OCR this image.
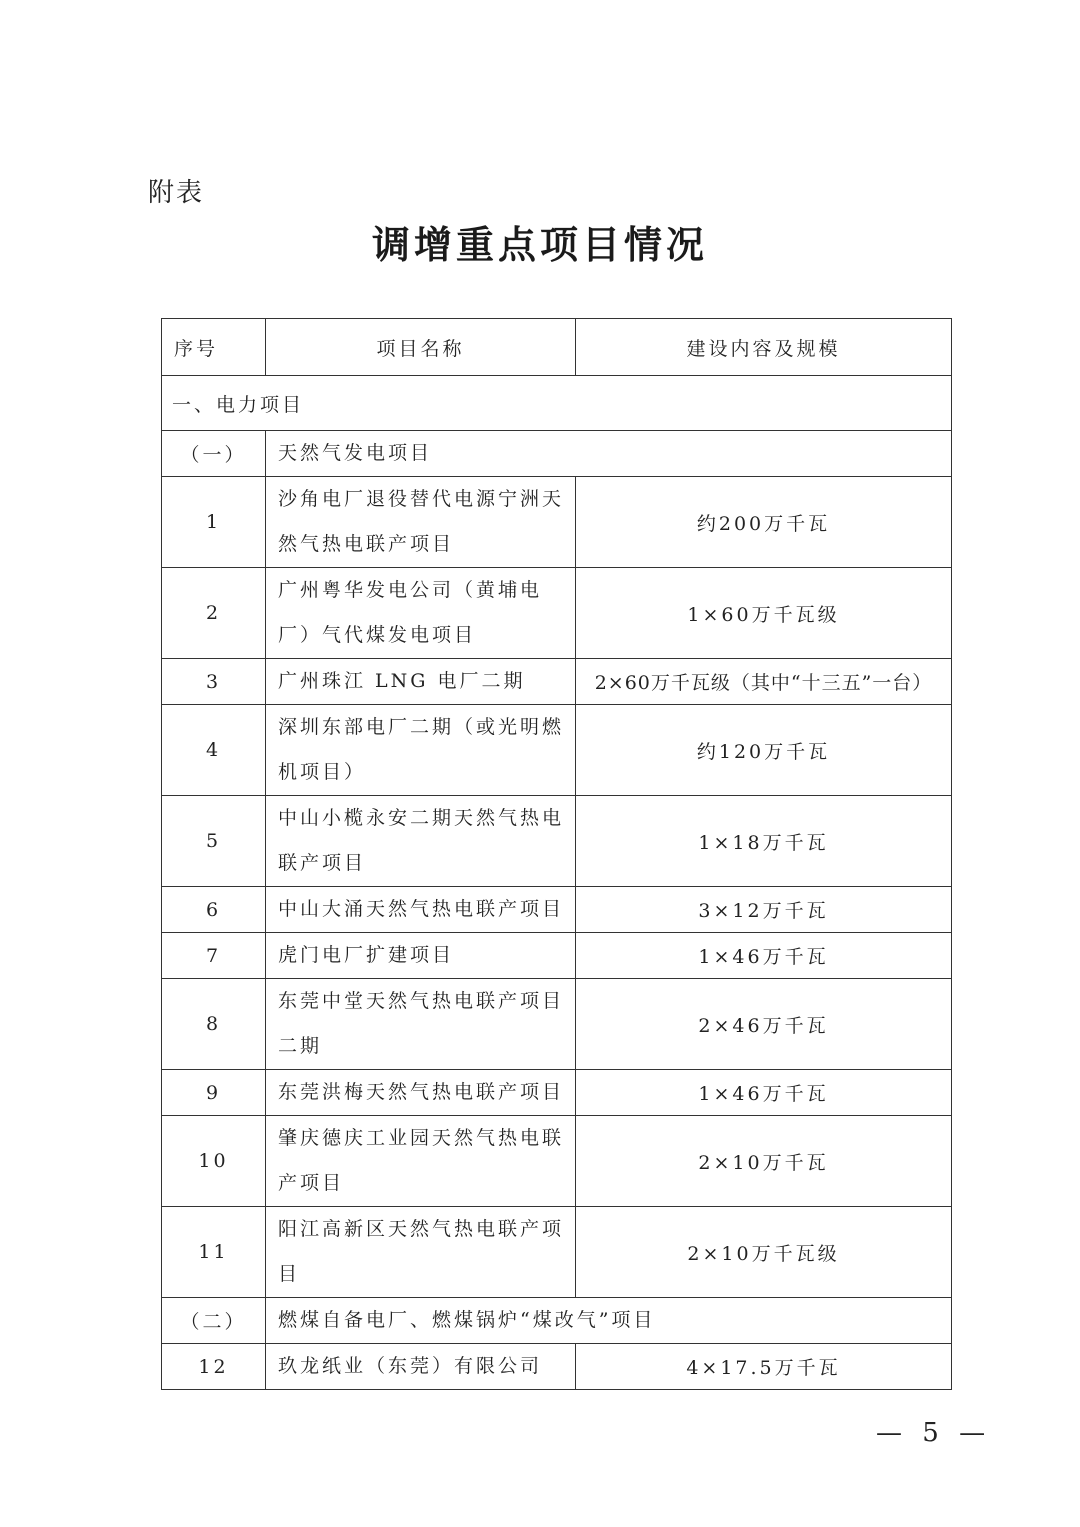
附表
调增重点项目情况
序号	项目名称	建设内容及规模
一、电力项目		
（一）	天然气发电项目	
1	沙角电厂退役替代电源宁洲天然气热电联产项目	约200万千瓦
2	广州粤华发电公司（黄埔电厂）气代煤发电项目	1×60万千瓦级
3	广州珠江 LNG 电厂二期	2×60万千瓦级（其中“十三五”一台）
4	深圳东部电厂二期（或光明燃机项目）	约120万千瓦
5	中山小榄永安二期天然气热电联产项目	1×18万千瓦
6	中山大涌天然气热电联产项目	3×12万千瓦
7	虎门电厂扩建项目	1×46万千瓦
8	东莞中堂天然气热电联产项目二期	2×46万千瓦
9	东莞洪梅天然气热电联产项目	1×46万千瓦
10	肇庆德庆工业园天然气热电联产项目	2×10万千瓦
11	阳江高新区天然气热电联产项目	2×10万千瓦级
（二）	燃煤自备电厂、燃煤锅炉“煤改气”项目	
12	玖龙纸业（东莞）有限公司	4×17.5万千瓦
— 5 —
